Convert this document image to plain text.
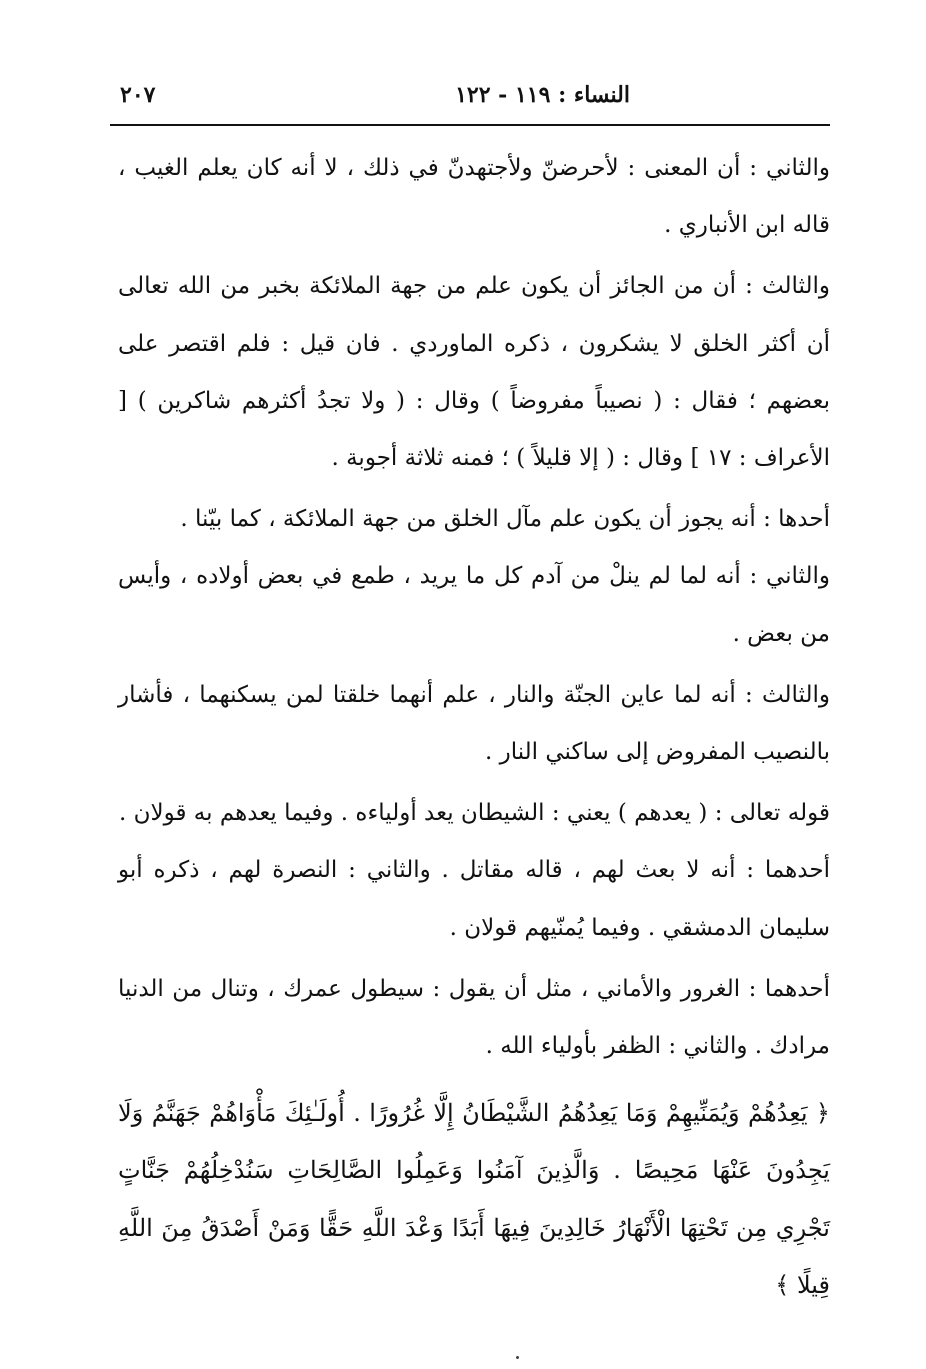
النساء : ١١٩ - ١٢٢
٢٠٧

والثاني : أن المعنى : لأحرضنّ ولأجتهدنّ في ذلك ، لا أنه كان يعلم الغيب ، قاله ابن الأنباري .

والثالث : أن من الجائز أن يكون علم من جهة الملائكة بخبر من الله تعالى أن أكثر الخلق لا يشكرون ، ذكره الماوردي . فان قيل : فلم اقتصر على بعضهم ؛ فقال : ( نصيباً مفروضاً ) وقال : ( ولا تجدُ أكثرهم شاكرين ) [ الأعراف : ١٧ ] وقال : ( إلا قليلاً ) ؛ فمنه ثلاثة أجوبة .

أحدها : أنه يجوز أن يكون علم مآل الخلق من جهة الملائكة ، كما بيّنا .

والثاني : أنه لما لم ينلْ من آدم كل ما يريد ، طمع في بعض أولاده ، وأيس من بعض .

والثالث : أنه لما عاين الجنّة والنار ، علم أنهما خلقتا لمن يسكنهما ، فأشار بالنصيب المفروض إلى ساكني النار .

قوله تعالى : ( يعدهم ) يعني : الشيطان يعد أولياءه . وفيما يعدهم به قولان .

أحدهما : أنه لا بعث لهم ، قاله مقاتل . والثاني : النصرة لهم ، ذكره أبو سليمان الدمشقي . وفيما يُمنّيهم قولان .

أحدهما : الغرور والأماني ، مثل أن يقول : سيطول عمرك ، وتنال من الدنيا مرادك . والثاني : الظفر بأولياء الله .

﴿ يَعِدُهُمْ وَيُمَنِّيهِمْ وَمَا يَعِدُهُمُ الشَّيْطَانُ إِلَّا غُرُورًا . أُولَـٰئِكَ مَأْوَاهُمْ جَهَنَّمُ وَلَا يَجِدُونَ عَنْهَا مَحِيصًا . وَالَّذِينَ آمَنُوا وَعَمِلُوا الصَّالِحَاتِ سَنُدْخِلُهُمْ جَنَّاتٍ تَجْرِي مِن تَحْتِهَا الْأَنْهَارُ خَالِدِينَ فِيهَا أَبَدًا وَعْدَ اللَّهِ حَقًّا وَمَنْ أَصْدَقُ مِنَ اللَّهِ قِيلًا ﴾
